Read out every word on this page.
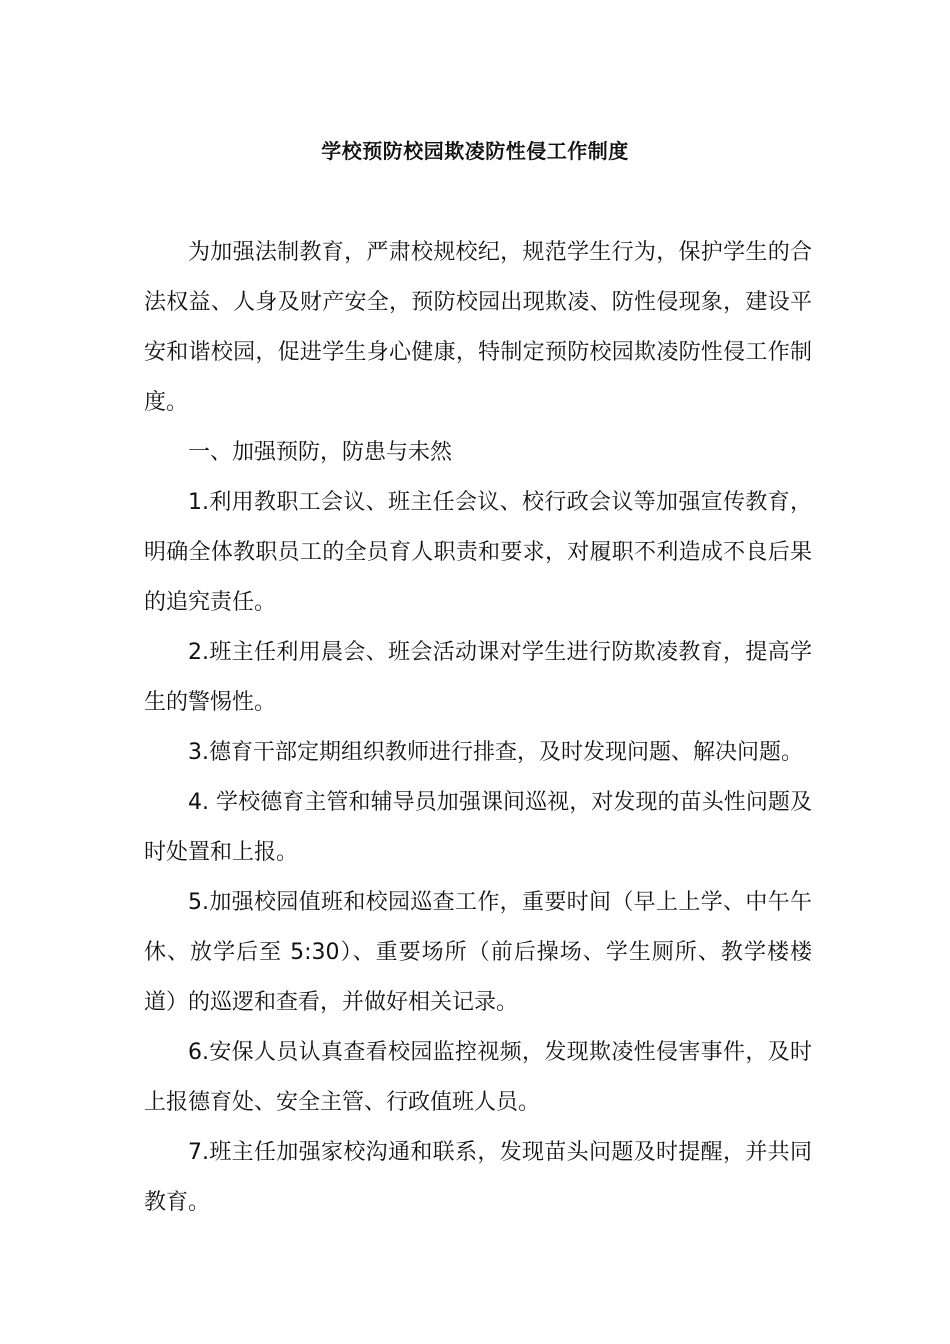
学校预防校园欺凌防性侵工作制度

为加强法制教育，严肃校规校纪，规范学生行为，保护学生的合法权益、人身及财产安全，预防校园出现欺凌、防性侵现象，建设平安和谐校园，促进学生身心健康，特制定预防校园欺凌防性侵工作制度。

一、加强预防，防患与未然

1.利用教职工会议、班主任会议、校行政会议等加强宣传教育，明确全体教职员工的全员育人职责和要求，对履职不利造成不良后果的追究责任。

2.班主任利用晨会、班会活动课对学生进行防欺凌教育，提高学生的警惕性。

3.德育干部定期组织教师进行排查，及时发现问题、解决问题。

4. 学校德育主管和辅导员加强课间巡视，对发现的苗头性问题及时处置和上报。

5.加强校园值班和校园巡查工作，重要时间（早上上学、中午午休、放学后至 5:30）、重要场所（前后操场、学生厕所、教学楼楼道）的巡逻和查看，并做好相关记录。

6.安保人员认真查看校园监控视频，发现欺凌性侵害事件，及时上报德育处、安全主管、行政值班人员。

7.班主任加强家校沟通和联系，发现苗头问题及时提醒，并共同教育。
